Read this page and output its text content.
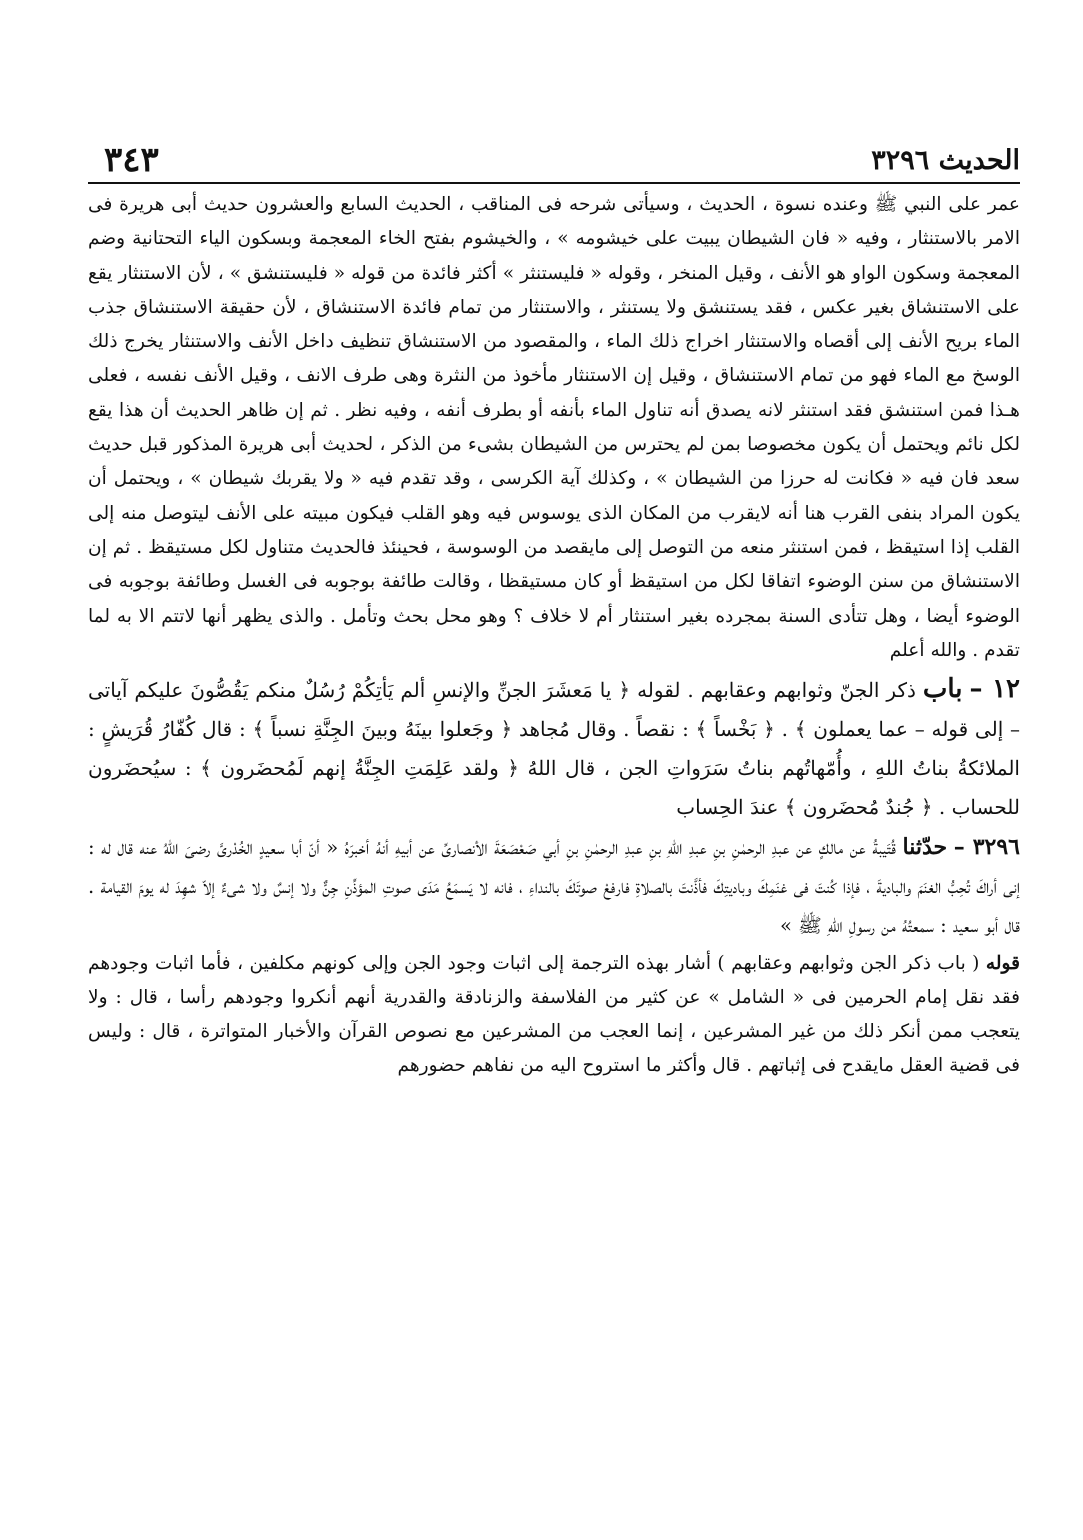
الحديث ٣٢٩٦
٣٤٣

عمر على النبي ﷺ وعنده نسوة ، الحديث ، وسيأتى شرحه فى المناقب ، الحديث السابع والعشرون حديث أبى هريرة فى الامر بالاستنثار ، وفيه « فان الشيطان يبيت على خيشومه » ، والخيشوم بفتح الخاء المعجمة وبسكون الياء التحتانية وضم المعجمة وسكون الواو هو الأنف ، وقيل المنخر ، وقوله « فليستنثر » أكثر فائدة من قوله « فليستنشق » ، لأن الاستنثار يقع على الاستنشاق بغير عكس ، فقد يستنشق ولا يستنثر ، والاستنثار من تمام فائدة الاستنشاق ، لأن حقيقة الاستنشاق جذب الماء بريح الأنف إلى أقصاه والاستنثار اخراج ذلك الماء ، والمقصود من الاستنشاق تنظيف داخل الأنف والاستنثار يخرج ذلك الوسخ مع الماء فهو من تمام الاستنشاق ، وقيل إن الاستنثار مأخوذ من النثرة وهى طرف الانف ، وقيل الأنف نفسه ، فعلى هـذا فمن استنشق فقد استنثر لانه يصدق أنه تناول الماء بأنفه أو بطرف أنفه ، وفيه نظر . ثم إن ظاهر الحديث أن هذا يقع لكل نائم ويحتمل أن يكون مخصوصا بمن لم يحترس من الشيطان بشىء من الذكر ، لحديث أبى هريرة المذكور قبل حديث سعد فان فيه « فكانت له حرزا من الشيطان » ، وكذلك آية الكرسى ، وقد تقدم فيه « ولا يقربك شيطان » ، ويحتمل أن يكون المراد بنفى القرب هنا أنه لايقرب من المكان الذى يوسوس فيه وهو القلب فيكون مبيته على الأنف ليتوصل منه إلى القلب إذا استيقظ ، فمن استنثر منعه من التوصل إلى مايقصد من الوسوسة ، فحينئذ فالحديث متناول لكل مستيقظ . ثم إن الاستنشاق من سنن الوضوء اتفاقا لكل من استيقظ أو كان مستيقظا ، وقالت طائفة بوجوبه فى الغسل وطائفة بوجوبه فى الوضوء أيضا ، وهل تتأدى السنة بمجرده بغير استنثار أم لا خلاف ؟ وهو محل بحث وتأمل . والذى يظهر أنها لاتتم الا به لما تقدم . والله أعلم

١٢ – باب ذكر الجنّ وثوابهم وعقابهم . لقوله ﴿ يا مَعشَرَ الجنِّ والإنسِ ألم يَأتِكُمْ رُسُلٌ منكم يَقُصُّونَ عليكم آياتى – إلى قوله – عما يعملون ﴾ . ﴿ بَخْساً ﴾ : نقصاً . وقال مُجاهد ﴿ وجَعلوا بينَهُ وبينَ الجِنَّةِ نسباً ﴾ : قال كُفّارُ قُرَيشٍ : الملائكةُ بناتُ اللهِ ، وأُمّهاتُهم بناتُ سَرَواتِ الجن ، قال اللهُ ﴿ ولقد عَلِمَتِ الجِنَّةُ إنهم لَمُحضَرون ﴾ : سيُحضَرون للحساب . ﴿ جُندٌ مُحضَرون ﴾ عندَ الحِساب

٣٢٩٦ – حدّثنا قُتَيبةُ عن مالكٍ عن عبدِ الرحمٰنِ بنِ عبدِ اللهِ بنِ عبدِ الرحمٰنِ بنِ أبي صَعْصَعَةَ الأنصارىِّ عن أبيهِ أنهُ أخبرَهُ « أنّ أبا سعيدٍ الخُدْرىَّ رضىَ اللهُ عنه قال له : إنى أراكَ تُحِبُّ الغنَمَ والباديةَ ، فإذا كُنتَ فى غنَمِكَ وباديتِكَ فأذَّنتَ بالصلاةِ فارفعْ صوتَكَ بالنداءِ ، فانه لا يَسمَعُ مَدَى صوتِ المؤذِّنِ جِنٌّ ولا إنسٌ ولا شىءٌ إلاّ شهِدَ له يومَ القيامة . قال أبو سعيد : سمعتُهُ من رسولِ اللهِ ﷺ »

قوله ( باب ذكر الجن وثوابهم وعقابهم ) أشار بهذه الترجمة إلى اثبات وجود الجن وإلى كونهم مكلفين ، فأما اثبات وجودهم فقد نقل إمام الحرمين فى « الشامل » عن كثير من الفلاسفة والزنادقة والقدرية أنهم أنكروا وجودهم رأسا ، قال : ولا يتعجب ممن أنكر ذلك من غير المشرعين ، إنما العجب من المشرعين مع نصوص القرآن والأخبار المتواترة ، قال : وليس فى قضية العقل مايقدح فى إثباتهم . قال وأكثر ما استروح اليه من نفاهم حضورهم
